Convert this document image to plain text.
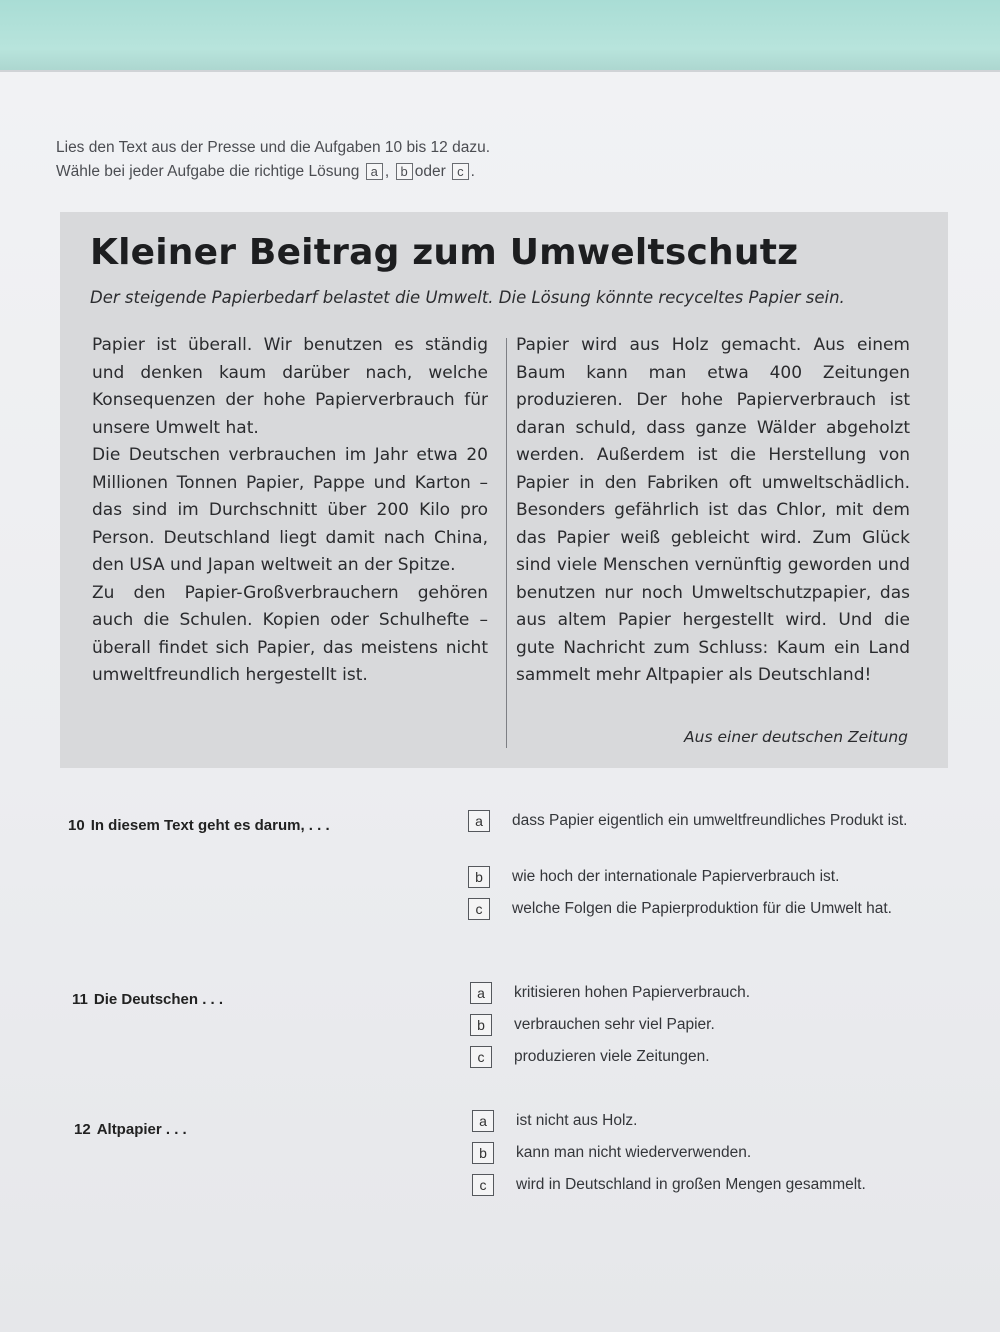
Lies den Text aus der Presse und die Aufgaben 10 bis 12 dazu.
Wähle bei jeder Aufgabe die richtige Lösung a , b oder c .
Kleiner Beitrag zum Umweltschutz
Der steigende Papierbedarf belastet die Umwelt. Die Lösung könnte recyceltes Papier sein.

Papier ist überall. Wir benutzen es ständig und denken kaum darüber nach, welche Konsequenzen der hohe Papierverbrauch für unsere Umwelt hat.

Die Deutschen verbrauchen im Jahr etwa 20 Millionen Tonnen Papier, Pappe und Karton – das sind im Durchschnitt über 200 Kilo pro Person. Deutschland liegt damit nach China, den USA und Japan weltweit an der Spitze.

Zu den Papier-Großverbrauchern gehören auch die Schulen. Kopien oder Schulhefte – überall findet sich Papier, das meistens nicht umweltfreundlich hergestellt ist.

Papier wird aus Holz gemacht. Aus einem Baum kann man etwa 400 Zeitungen produzieren. Der hohe Papierverbrauch ist daran schuld, dass ganze Wälder abgeholzt werden. Außerdem ist die Herstellung von Papier in den Fabriken oft umweltschädlich. Besonders gefährlich ist das Chlor, mit dem das Papier weiß gebleicht wird. Zum Glück sind viele Menschen vernünftig geworden und benutzen nur noch Umweltschutzpapier, das aus altem Papier hergestellt wird. Und die gute Nachricht zum Schluss: Kaum ein Land sammelt mehr Altpapier als Deutschland!

Aus einer deutschen Zeitung
10 In diesem Text geht es darum, . . .	a	dass Papier eigentlich ein umweltfreundliches Produkt ist.
b	wie hoch der internationale Papierverbrauch ist.
c	welche Folgen die Papierproduktion für die Umwelt hat.
11 Die Deutschen . . .	a	kritisieren hohen Papierverbrauch.
b	verbrauchen sehr viel Papier.
c	produzieren viele Zeitungen.
12 Altpapier . . .	a	ist nicht aus Holz.
b	kann man nicht wiederverwenden.
c	wird in Deutschland in großen Mengen gesammelt.
